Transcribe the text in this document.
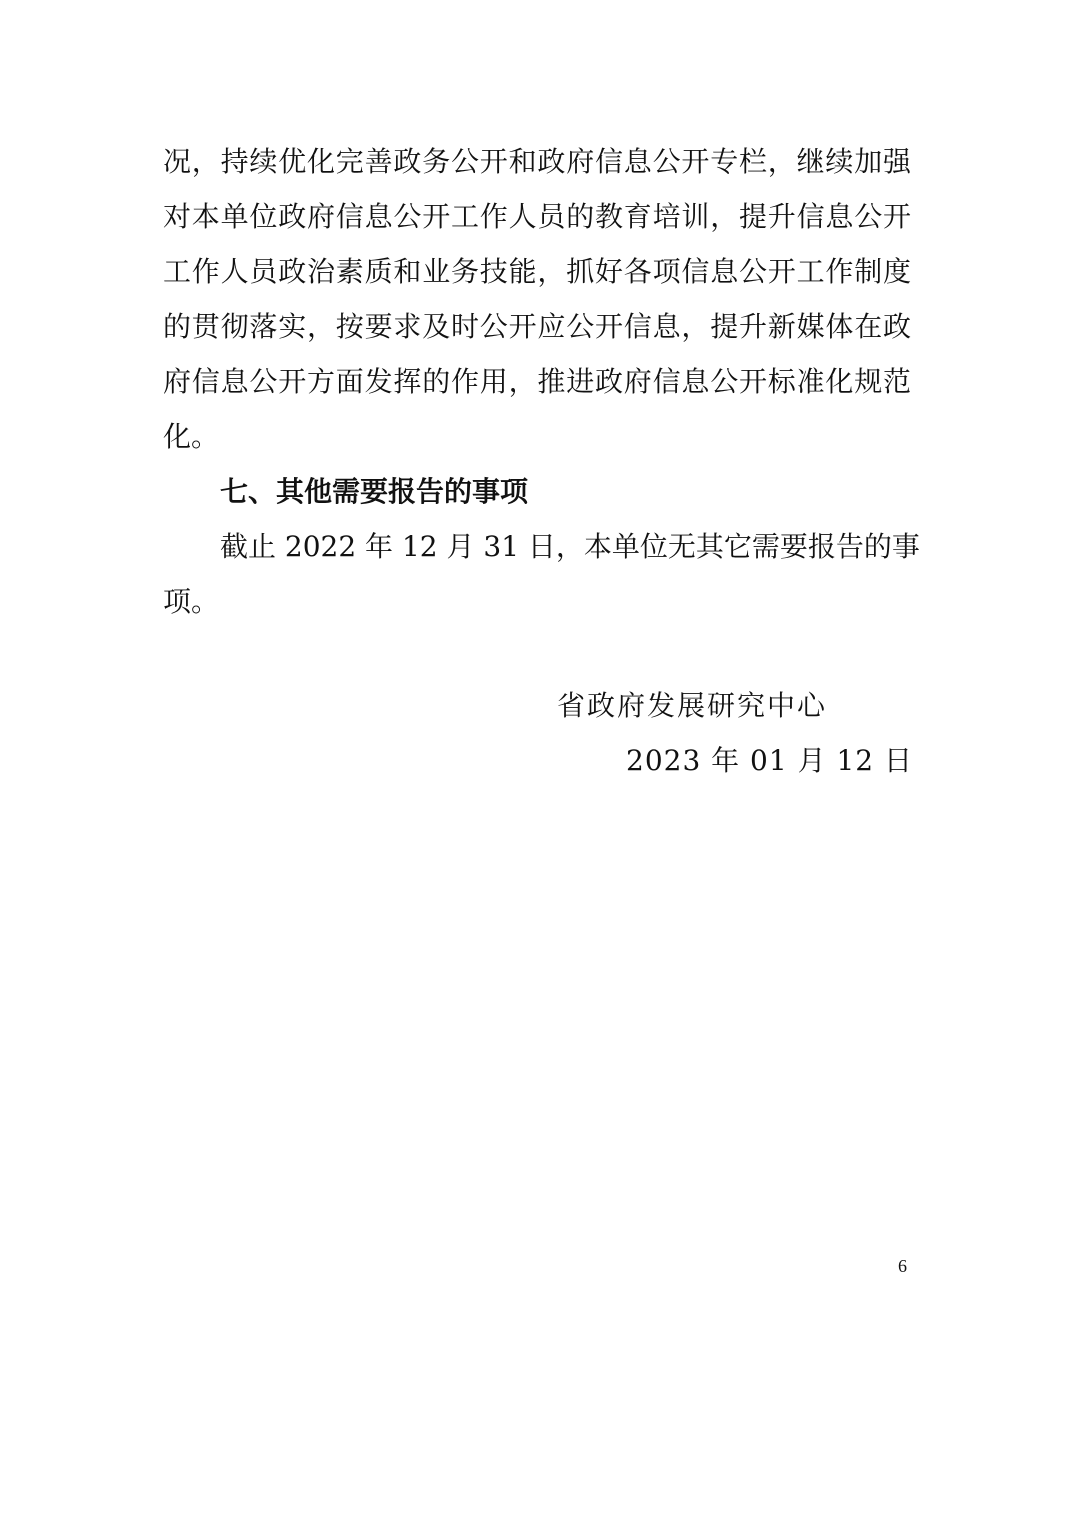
况，持续优化完善政务公开和政府信息公开专栏，继续加强
对本单位政府信息公开工作人员的教育培训，提升信息公开
工作人员政治素质和业务技能，抓好各项信息公开工作制度
的贯彻落实，按要求及时公开应公开信息，提升新媒体在政
府信息公开方面发挥的作用，推进政府信息公开标准化规范
化。
七、其他需要报告的事项
截止 2022 年 12 月 31 日，本单位无其它需要报告的事
项。
省政府发展研究中心
2023 年 01 月 12 日
6
